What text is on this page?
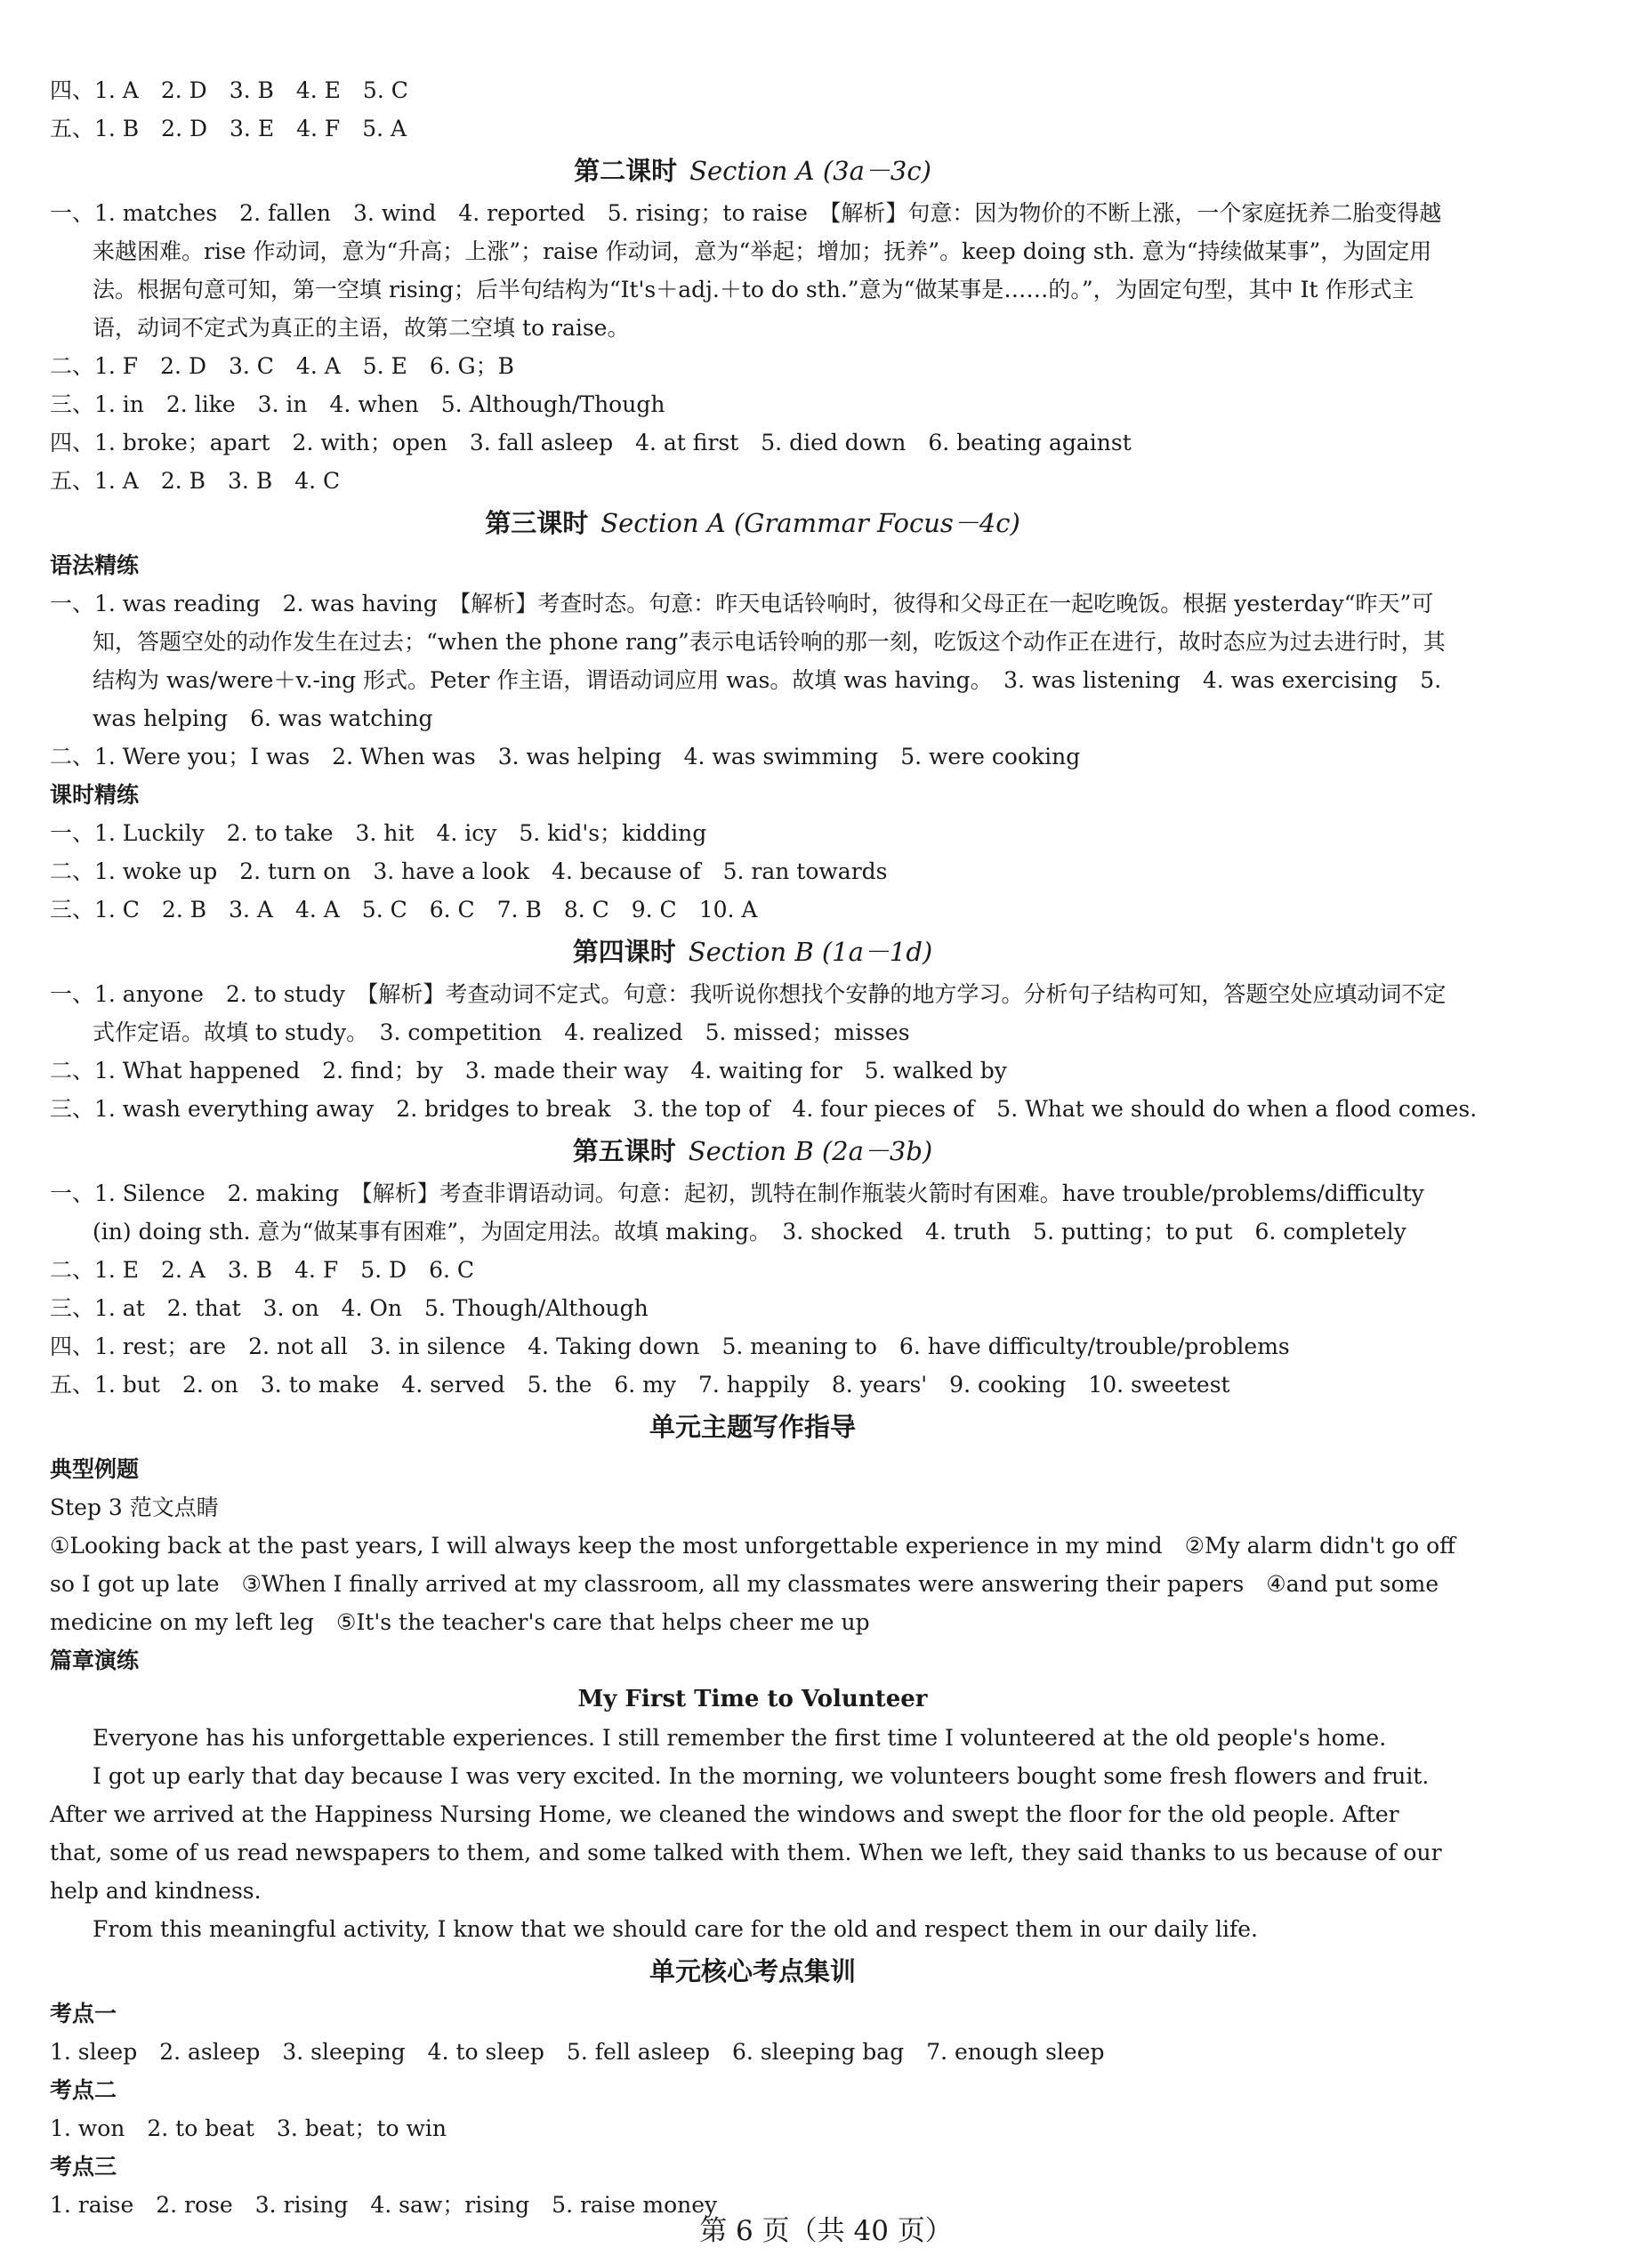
四、1. A　2. D　3. B　4. E　5. C
五、1. B　2. D　3. E　4. F　5. A
第二课时 Section A (3a－3c)
一、1. matches　2. fallen　3. wind　4. reported　5. rising；to raise　【解析】句意：因为物价的不断上涨，一个家庭抚养二胎变得越来越困难。rise 作动词，意为“升高；上涨”；raise 作动词，意为“举起；增加；抚养”。keep doing sth. 意为“持续做某事”，为固定用法。根据句意可知，第一空填 rising；后半句结构为“It's＋adj.＋to do sth.”意为“做某事是……的。”，为固定句型，其中 It 作形式主语，动词不定式为真正的主语，故第二空填 to raise。
二、1. F　2. D　3. C　4. A　5. E　6. G；B
三、1. in　2. like　3. in　4. when　5. Although/Though
四、1. broke；apart　2. with；open　3. fall asleep　4. at first　5. died down　6. beating against
五、1. A　2. B　3. B　4. C
第三课时 Section A (Grammar Focus－4c)
语法精练
一、1. was reading　2. was having　【解析】考查时态。句意：昨天电话铃响时，彼得和父母正在一起吃晚饭。根据 yesterday“昨天”可知，答题空处的动作发生在过去；“when the phone rang”表示电话铃响的那一刻，吃饭这个动作正在进行，故时态应为过去进行时，其结构为 was/were＋v.-ing 形式。Peter 作主语，谓语动词应用 was。故填 was having。　3. was listening　4. was exercising　5. was helping　6. was watching
二、1. Were you；I was　2. When was　3. was helping　4. was swimming　5. were cooking
课时精练
一、1. Luckily　2. to take　3. hit　4. icy　5. kid's；kidding
二、1. woke up　2. turn on　3. have a look　4. because of　5. ran towards
三、1. C　2. B　3. A　4. A　5. C　6. C　7. B　8. C　9. C　10. A
第四课时 Section B (1a－1d)
一、1. anyone　2. to study　【解析】考查动词不定式。句意：我听说你想找个安静的地方学习。分析句子结构可知，答题空处应填动词不定式作定语。故填 to study。　3. competition　4. realized　5. missed；misses
二、1. What happened　2. find；by　3. made their way　4. waiting for　5. walked by
三、1. wash everything away　2. bridges to break　3. the top of　4. four pieces of　5. What we should do when a flood comes.
第五课时 Section B (2a－3b)
一、1. Silence　2. making　【解析】考查非谓语动词。句意：起初，凯特在制作瓶装火箭时有困难。have trouble/problems/difficulty (in) doing sth. 意为“做某事有困难”，为固定用法。故填 making。　3. shocked　4. truth　5. putting；to put　6. completely
二、1. E　2. A　3. B　4. F　5. D　6. C
三、1. at　2. that　3. on　4. On　5. Though/Although
四、1. rest；are　2. not all　3. in silence　4. Taking down　5. meaning to　6. have difficulty/trouble/problems
五、1. but　2. on　3. to make　4. served　5. the　6. my　7. happily　8. years'　9. cooking　10. sweetest
单元主题写作指导
典型例题
Step 3 范文点睛
①Looking back at the past years, I will always keep the most unforgettable experience in my mind　②My alarm didn't go off so I got up late　③When I finally arrived at my classroom, all my classmates were answering their papers　④and put some medicine on my left leg　⑤It's the teacher's care that helps cheer me up
篇章演练
My First Time to Volunteer
Everyone has his unforgettable experiences. I still remember the first time I volunteered at the old people's home.
I got up early that day because I was very excited. In the morning, we volunteers bought some fresh flowers and fruit. After we arrived at the Happiness Nursing Home, we cleaned the windows and swept the floor for the old people. After that, some of us read newspapers to them, and some talked with them. When we left, they said thanks to us because of our help and kindness.
From this meaningful activity, I know that we should care for the old and respect them in our daily life.
单元核心考点集训
考点一
1. sleep　2. asleep　3. sleeping　4. to sleep　5. fell asleep　6. sleeping bag　7. enough sleep
考点二
1. won　2. to beat　3. beat；to win
考点三
1. raise　2. rose　3. rising　4. saw；rising　5. raise money
第 6 页（共 40 页）
